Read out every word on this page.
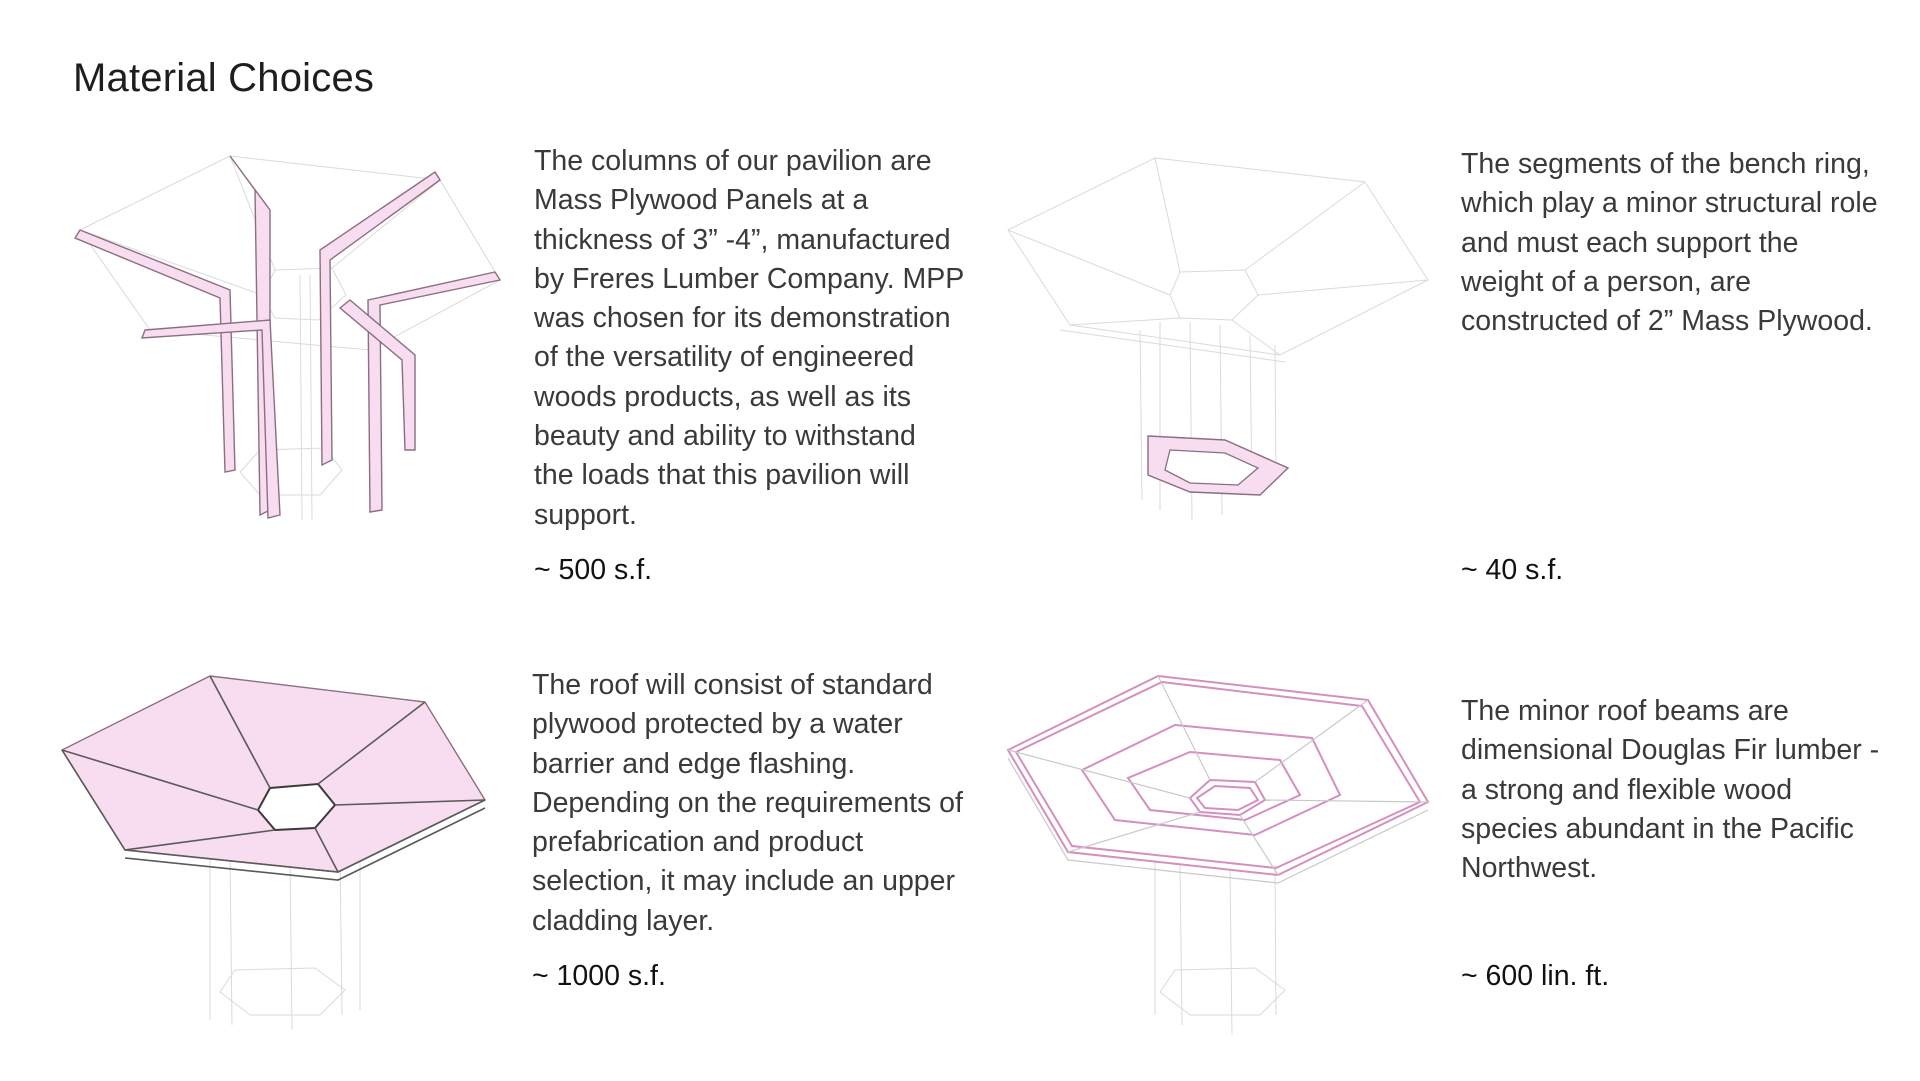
Material Choices
The columns of our pavilion are
Mass Plywood Panels at a
thickness of 3” -4”, manufactured
by Freres Lumber Company. MPP
was chosen for its demonstration
of the versatility of engineered
woods products, as well as its
beauty and ability to withstand
the loads that this pavilion will
support.
~ 500 s.f.
The segments of the bench ring,
which play a minor structural role
and must each support the
weight of a person, are
constructed of 2” Mass Plywood.
~ 40 s.f.
The roof will consist of standard
plywood protected by a water
barrier and edge flashing.
Depending on the requirements of
prefabrication and product
selection, it may include an upper
cladding layer.
~ 1000 s.f.
The minor roof beams are
dimensional Douglas Fir lumber -
a strong and flexible wood
species abundant in the Pacific
Northwest.
~ 600 lin. ft.
